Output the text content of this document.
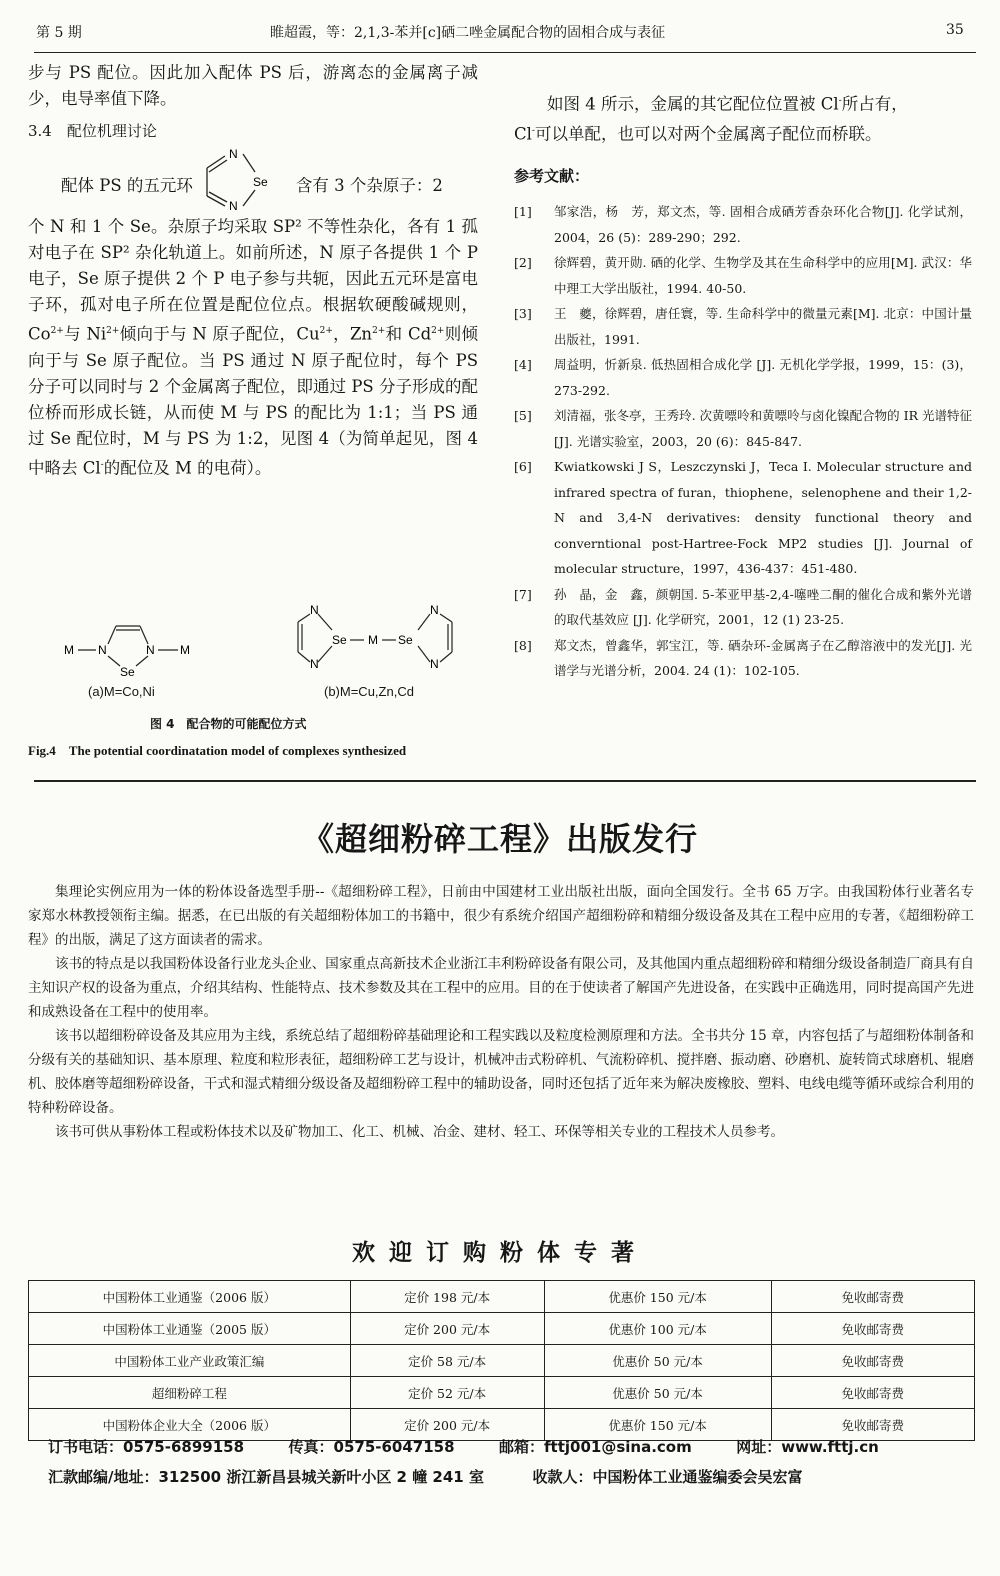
第 5 期	睢超霞，等：2,1,3-苯并[c]硒二唑金属配合物的固相合成与表征	35

步与 PS 配位。因此加入配体 PS 后，游离态的金属离子减少，电导率值下降。

3.4　配位机理讨论
配体 PS 的五元环
N
Se
N
含有 3 个杂原子：2

个 N 和 1 个 Se。杂原子均采取 SP² 不等性杂化，各有 1 孤对电子在 SP² 杂化轨道上。如前所述，N 原子各提供 1 个 P 电子，Se 原子提供 2 个 P 电子参与共轭，因此五元环是富电子环，孤对电子所在位置是配位位点。根据软硬酸碱规则，$Co^{2+}$与 $Ni^{2+}$倾向于与 N 原子配位，$Cu^{2+}$，$Zn^{2+}$和 $Cd^{2+}$则倾向于与 Se 原子配位。当 PS 通过 N 原子配位时，每个 PS 分子可以同时与 2 个金属离子配位，即通过 PS 分子形成的配位桥而形成长链，从而使 M 与 PS 的配比为 1:1；当 PS 通过 Se 配位时，M 与 PS 为 1:2，见图 4（为简单起见，图 4 中略去 Cl-的配位及 M 的电荷）。

M N	N M
Se
N
N
Se M Se
N
N
(a)M=Co,Ni	(b)M=Cu,Zn,Cd
图 4　配合物的可能配位方式
Fig.4　The potential coordinatation model of complexes synthesized

如图 4 所示，金属的其它配位位置被 Cl-所占有，
Cl-可以单配，也可以对两个金属离子配位而桥联。

参考文献：
[1]	邹家浩，杨　芳，郑文杰，等. 固相合成硒芳香杂环化合物[J]. 化学试剂，2004，26 (5)：289-290；292.
[2]	徐辉碧，黄开勋. 硒的化学、生物学及其在生命科学中的应用[M]. 武汉：华中理工大学出版社，1994. 40-50.
[3]	王　夔，徐辉碧，唐任寰，等. 生命科学中的微量元素[M]. 北京：中国计量出版社，1991.
[4]	周益明，忻新泉. 低热固相合成化学 [J]. 无机化学学报，1999，15：(3)，273-292.
[5]	刘清福，张冬亭，王秀玲. 次黄嘌呤和黄嘌呤与卤化镍配合物的 IR 光谱特征[J]. 光谱实验室，2003，20 (6)：845-847.
[6]	Kwiatkowski J S，Leszczynski J，Teca I. Molecular structure and infrared spectra of furan，thiophene，selenophene and their 1,2-N and 3,4-N derivatives: density functional theory and converntional post-Hartree-Fock MP2 studies [J]. Journal of molecular structure，1997，436-437：451-480.
[7]	孙　晶，金　鑫，颜朝国. 5-苯亚甲基-2,4-噻唑二酮的催化合成和紫外光谱的取代基效应 [J]. 化学研究，2001，12 (1) 23-25.
[8]	郑文杰，曾鑫华，郭宝江，等. 硒杂环-金属离子在乙醇溶液中的发光[J]. 光谱学与光谱分析，2004. 24 (1)：102-105.
《超细粉碎工程》出版发行

集理论实例应用为一体的粉体设备选型手册--《超细粉碎工程》，日前由中国建材工业出版社出版，面向全国发行。全书 65 万字。由我国粉体行业著名专家郑水林教授领衔主编。据悉，在已出版的有关超细粉体加工的书籍中，很少有系统介绍国产超细粉碎和精细分级设备及其在工程中应用的专著，《超细粉碎工程》的出版，满足了这方面读者的需求。

该书的特点是以我国粉体设备行业龙头企业、国家重点高新技术企业浙江丰利粉碎设备有限公司，及其他国内重点超细粉碎和精细分级设备制造厂商具有自主知识产权的设备为重点，介绍其结构、性能特点、技术参数及其在工程中的应用。目的在于使读者了解国产先进设备，在实践中正确选用，同时提高国产先进和成熟设备在工程中的使用率。

该书以超细粉碎设备及其应用为主线，系统总结了超细粉碎基础理论和工程实践以及粒度检测原理和方法。全书共分 15 章，内容包括了与超细粉体制备和分级有关的基础知识、基本原理、粒度和粒形表征，超细粉碎工艺与设计，机械冲击式粉碎机、气流粉碎机、搅拌磨、振动磨、砂磨机、旋转筒式球磨机、辊磨机、胶体磨等超细粉碎设备，干式和湿式精细分级设备及超细粉碎工程中的辅助设备，同时还包括了近年来为解决废橡胶、塑料、电线电缆等循环或综合利用的特种粉碎设备。

该书可供从事粉体工程或粉体技术以及矿物加工、化工、机械、冶金、建材、轻工、环保等相关专业的工程技术人员参考。

欢迎订购粉体专著
中国粉体工业通鉴（2006 版）	定价 198 元/本	优惠价 150 元/本	免收邮寄费
中国粉体工业通鉴（2005 版）	定价 200 元/本	优惠价 100 元/本	免收邮寄费
中国粉体工业产业政策汇编	定价 58 元/本	优惠价 50 元/本	免收邮寄费
超细粉碎工程	定价 52 元/本	优惠价 50 元/本	免收邮寄费
中国粉体企业大全（2006 版）	定价 200 元/本	优惠价 150 元/本	免收邮寄费
订书电话：0575-6899158	传真：0575-6047158	邮箱：fttj001@sina.com	网址：www.fttj.cn
汇款邮编/地址：312500 浙江新昌县城关新叶小区 2 幢 241 室	收款人：中国粉体工业通鉴编委会吴宏富
